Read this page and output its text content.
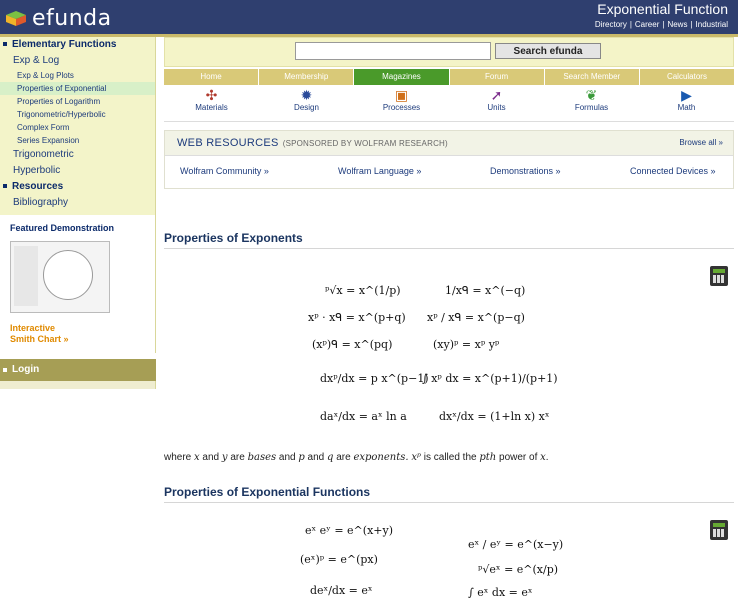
efunda	Exponential Function
Directory | Career | News | Industrial
Elementary Functions
Exp & Log
Exp & Log Plots
Properties of Exponential
Properties of Logarithm
Trigonometric/Hyperbolic
Complex Form
Series Expansion
Trigonometric
Hyperbolic
Resources
Bibliography
Featured Demonstration
Interactive
Smith Chart »
Login
Search efunda
Home	Membership	Magazines	Forum	Search Member	Calculators
✣
Materials
✹
Design
▣
Processes
➚
Units
❦
Formulas
▶
Math
WEB RESOURCES (SPONSORED BY WOLFRAM RESEARCH)	Browse all »
Wolfram Community »	Wolfram Language »	Demonstrations »	Connected Devices »
Properties of Exponents
ᵖ√x = x^(1/p)
xᵖ · xᑫ = x^(p+q)
(xᵖ)ᑫ = x^(pq)
dxᵖ/dx = p x^(p−1)
daˣ/dx = aˣ ln a
1/xᑫ = x^(−q)
xᵖ / xᑫ = x^(p−q)
(xy)ᵖ = xᵖ yᵖ
∫ xᵖ dx = x^(p+1)/(p+1)
dxˣ/dx = (1+ln x) xˣ
where x and y are bases and p and q are exponents. xᵖ is called the pth power of x.
Properties of Exponential Functions
eˣ eʸ = e^(x+y)
(eˣ)ᵖ = e^(px)
deˣ/dx = eˣ
eˣ / eʸ = e^(x−y)
ᵖ√eˣ = e^(x/p)
∫ eˣ dx = eˣ
